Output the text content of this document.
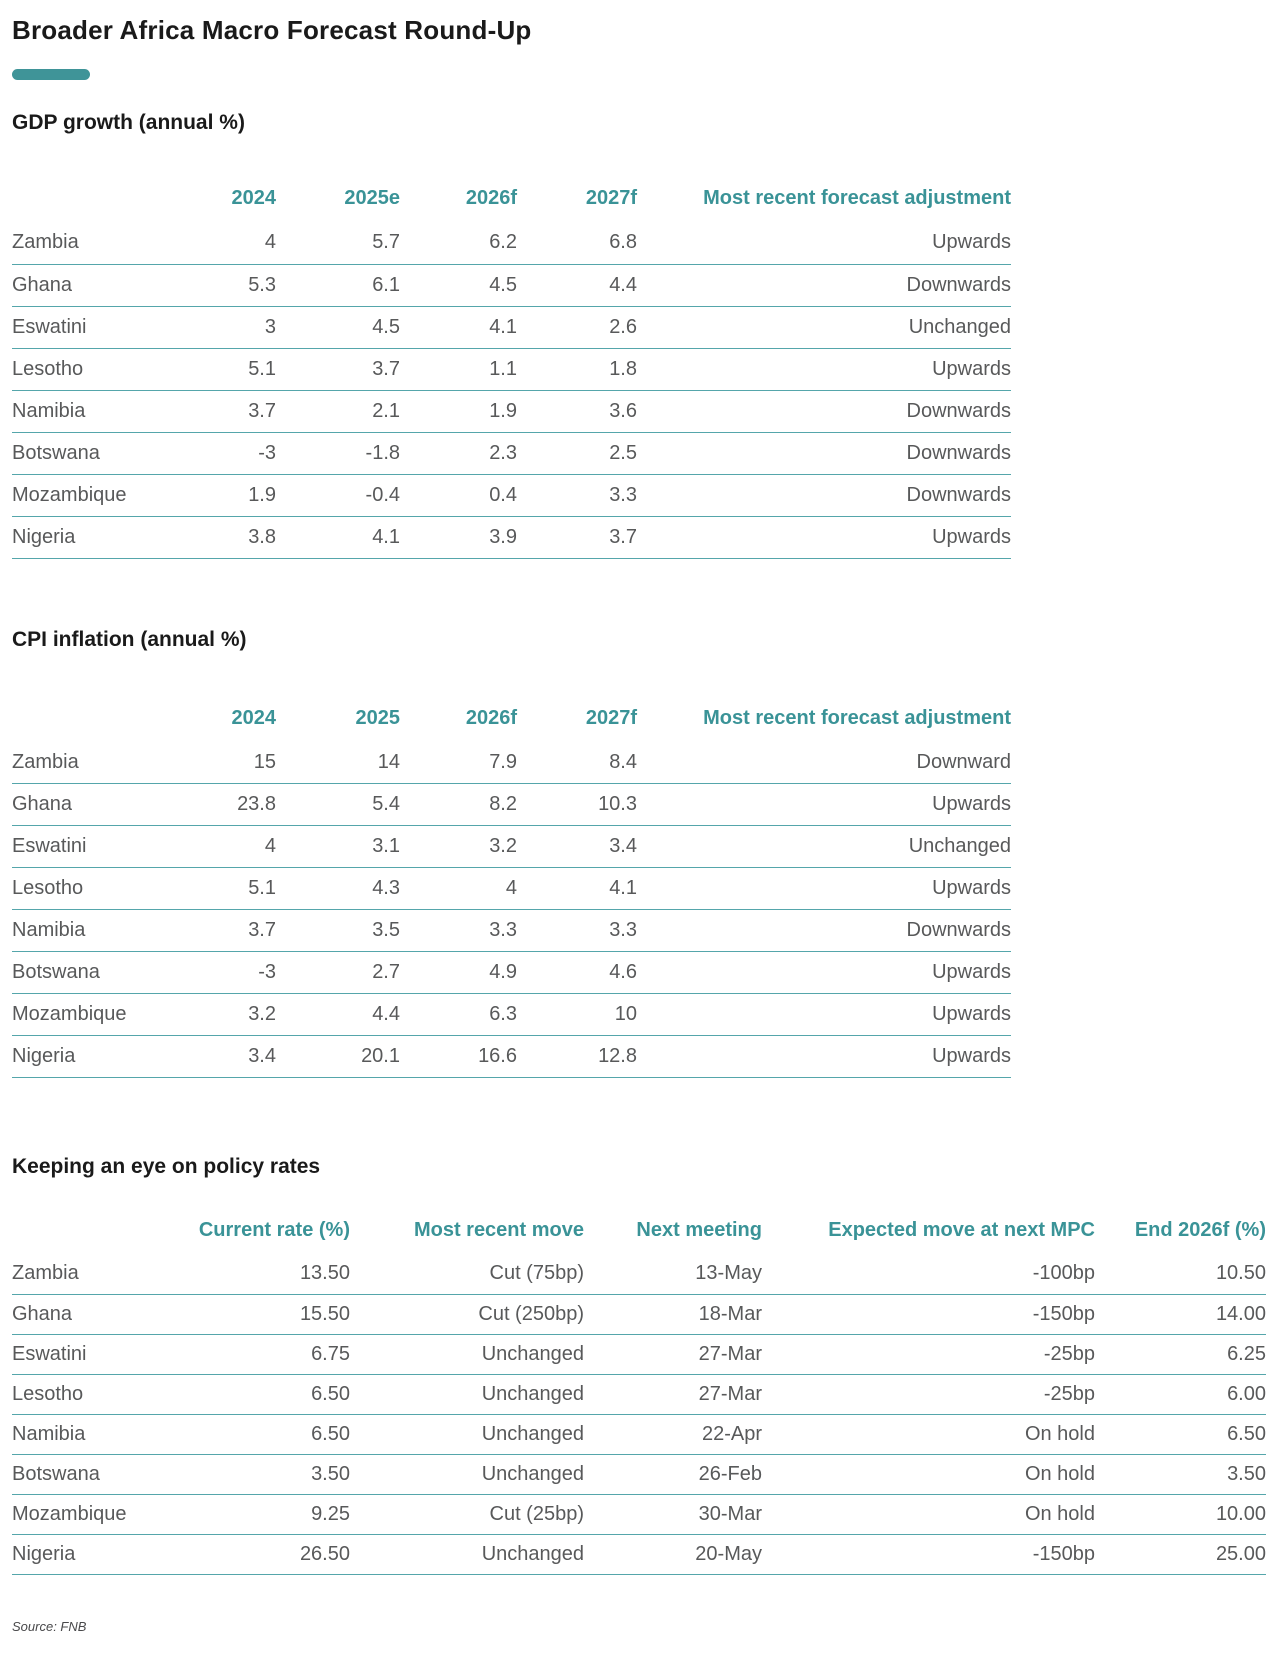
Broader Africa Macro Forecast Round-Up
GDP growth (annual %)
	2024	2025e	2026f	2027f	Most recent forecast adjustment
Zambia	4	5.7	6.2	6.8	Upwards
Ghana	5.3	6.1	4.5	4.4	Downwards
Eswatini	3	4.5	4.1	2.6	Unchanged
Lesotho	5.1	3.7	1.1	1.8	Upwards
Namibia	3.7	2.1	1.9	3.6	Downwards
Botswana	-3	-1.8	2.3	2.5	Downwards
Mozambique	1.9	-0.4	0.4	3.3	Downwards
Nigeria	3.8	4.1	3.9	3.7	Upwards
CPI inflation (annual %)
	2024	2025	2026f	2027f	Most recent forecast adjustment
Zambia	15	14	7.9	8.4	Downward
Ghana	23.8	5.4	8.2	10.3	Upwards
Eswatini	4	3.1	3.2	3.4	Unchanged
Lesotho	5.1	4.3	4	4.1	Upwards
Namibia	3.7	3.5	3.3	3.3	Downwards
Botswana	-3	2.7	4.9	4.6	Upwards
Mozambique	3.2	4.4	6.3	10	Upwards
Nigeria	3.4	20.1	16.6	12.8	Upwards
Keeping an eye on policy rates
	Current rate (%)	Most recent move	Next meeting	Expected move at next MPC	End 2026f (%)
Zambia	13.50	Cut (75bp)	13-May	-100bp	10.50
Ghana	15.50	Cut (250bp)	18-Mar	-150bp	14.00
Eswatini	6.75	Unchanged	27-Mar	-25bp	6.25
Lesotho	6.50	Unchanged	27-Mar	-25bp	6.00
Namibia	6.50	Unchanged	22-Apr	On hold	6.50
Botswana	3.50	Unchanged	26-Feb	On hold	3.50
Mozambique	9.25	Cut (25bp)	30-Mar	On hold	10.00
Nigeria	26.50	Unchanged	20-May	-150bp	25.00
Source: FNB
